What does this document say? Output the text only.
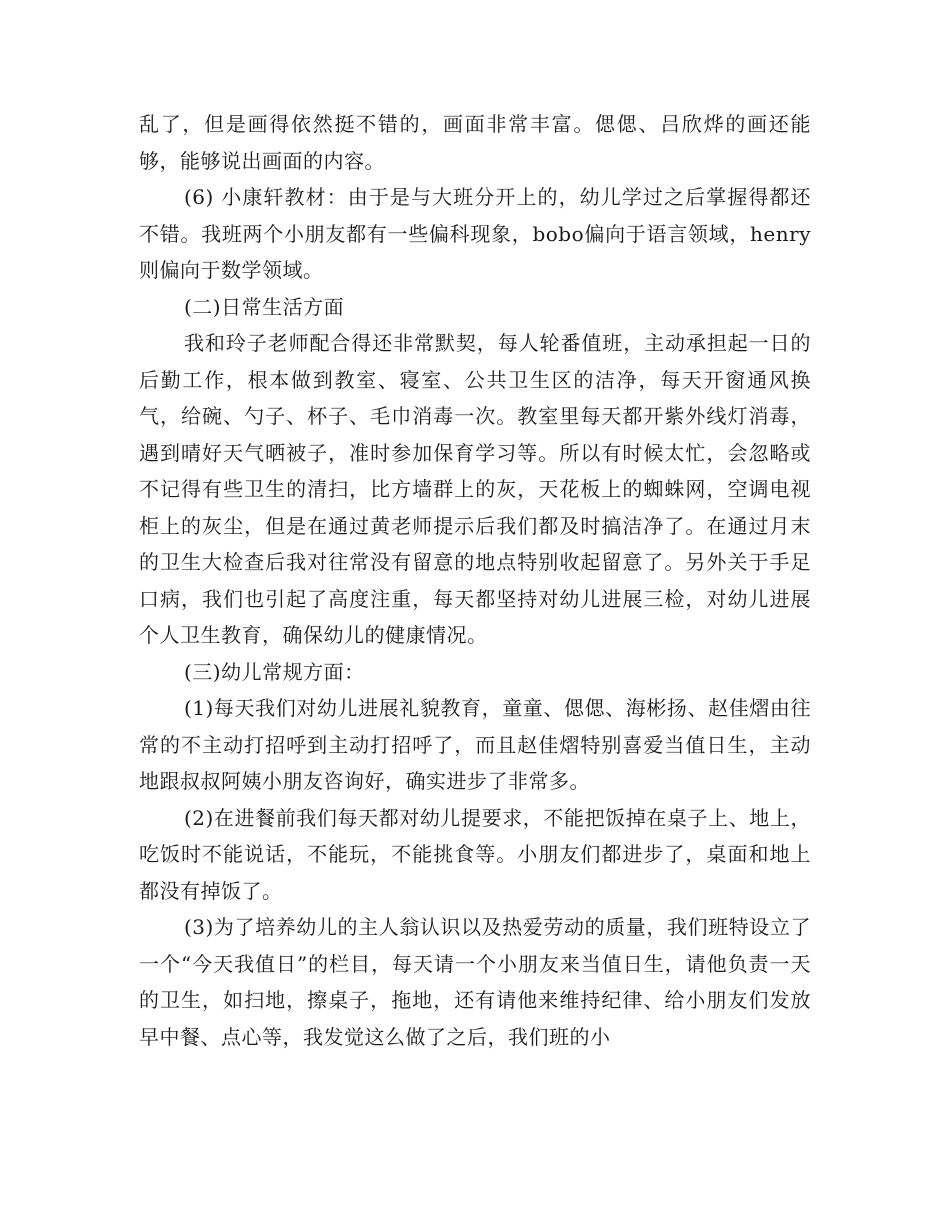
乱了，但是画得依然挺不错的，画面非常丰富。偲偲、吕欣烨的画还能够，能够说出画面的内容。

(6) 小康轩教材：由于是与大班分开上的，幼儿学过之后掌握得都还不错。我班两个小朋友都有一些偏科现象，bobo偏向于语言领域，henry则偏向于数学领域。

(二)日常生活方面

我和玲子老师配合得还非常默契，每人轮番值班，主动承担起一日的后勤工作，根本做到教室、寝室、公共卫生区的洁净，每天开窗通风换气，给碗、勺子、杯子、毛巾消毒一次。教室里每天都开紫外线灯消毒，遇到晴好天气晒被子，准时参加保育学习等。所以有时候太忙，会忽略或不记得有些卫生的清扫，比方墙群上的灰，天花板上的蜘蛛网，空调电视柜上的灰尘，但是在通过黄老师提示后我们都及时搞洁净了。在通过月末的卫生大检查后我对往常没有留意的地点特别收起留意了。另外关于手足口病，我们也引起了高度注重，每天都坚持对幼儿进展三检，对幼儿进展个人卫生教育，确保幼儿的健康情况。

(三)幼儿常规方面：

(1)每天我们对幼儿进展礼貌教育，童童、偲偲、海彬扬、赵佳熠由往常的不主动打招呼到主动打招呼了，而且赵佳熠特别喜爱当值日生，主动地跟叔叔阿姨小朋友咨询好，确实进步了非常多。

(2)在进餐前我们每天都对幼儿提要求，不能把饭掉在桌子上、地上，吃饭时不能说话，不能玩，不能挑食等。小朋友们都进步了，桌面和地上都没有掉饭了。

(3)为了培养幼儿的主人翁认识以及热爱劳动的质量，我们班特设立了一个“今天我值日”的栏目，每天请一个小朋友来当值日生，请他负责一天的卫生，如扫地，擦桌子，拖地，还有请他来维持纪律、给小朋友们发放早中餐、点心等，我发觉这么做了之后，我们班的小
